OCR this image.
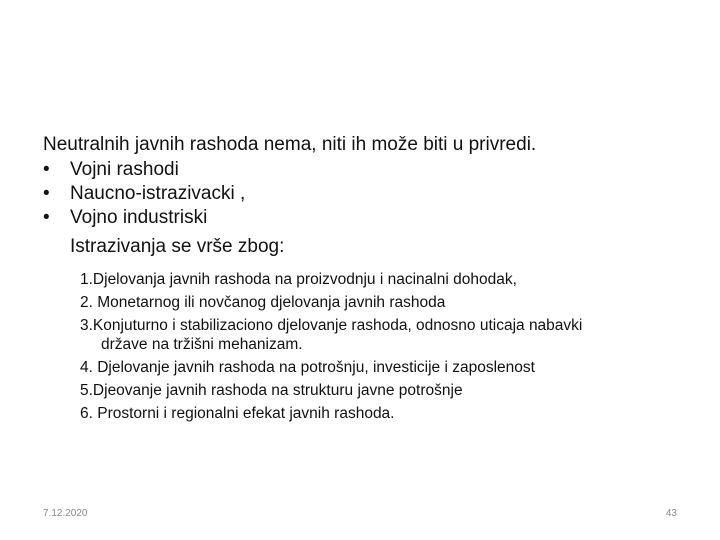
Neutralnih javnih rashoda nema, niti ih može biti u privredi.
• Vojni rashodi
• Naucno-istrazivacki ,
• Vojno industriski
Istrazivanja se vrše zbog:
1.Djelovanja javnih rashoda na proizvodnju i nacinalni dohodak,
2. Monetarnog ili novčanog djelovanja javnih rashoda
3.Konjuturno i stabilizaciono djelovanje rashoda, odnosno uticaja nabavki
države na tržišni mehanizam.
4. Djelovanje javnih rashoda na potrošnju, investicije i zaposlenost
5.Djeovanje javnih rashoda na strukturu javne potrošnje
6. Prostorni i regionalni efekat javnih rashoda.
7.12.2020	43
